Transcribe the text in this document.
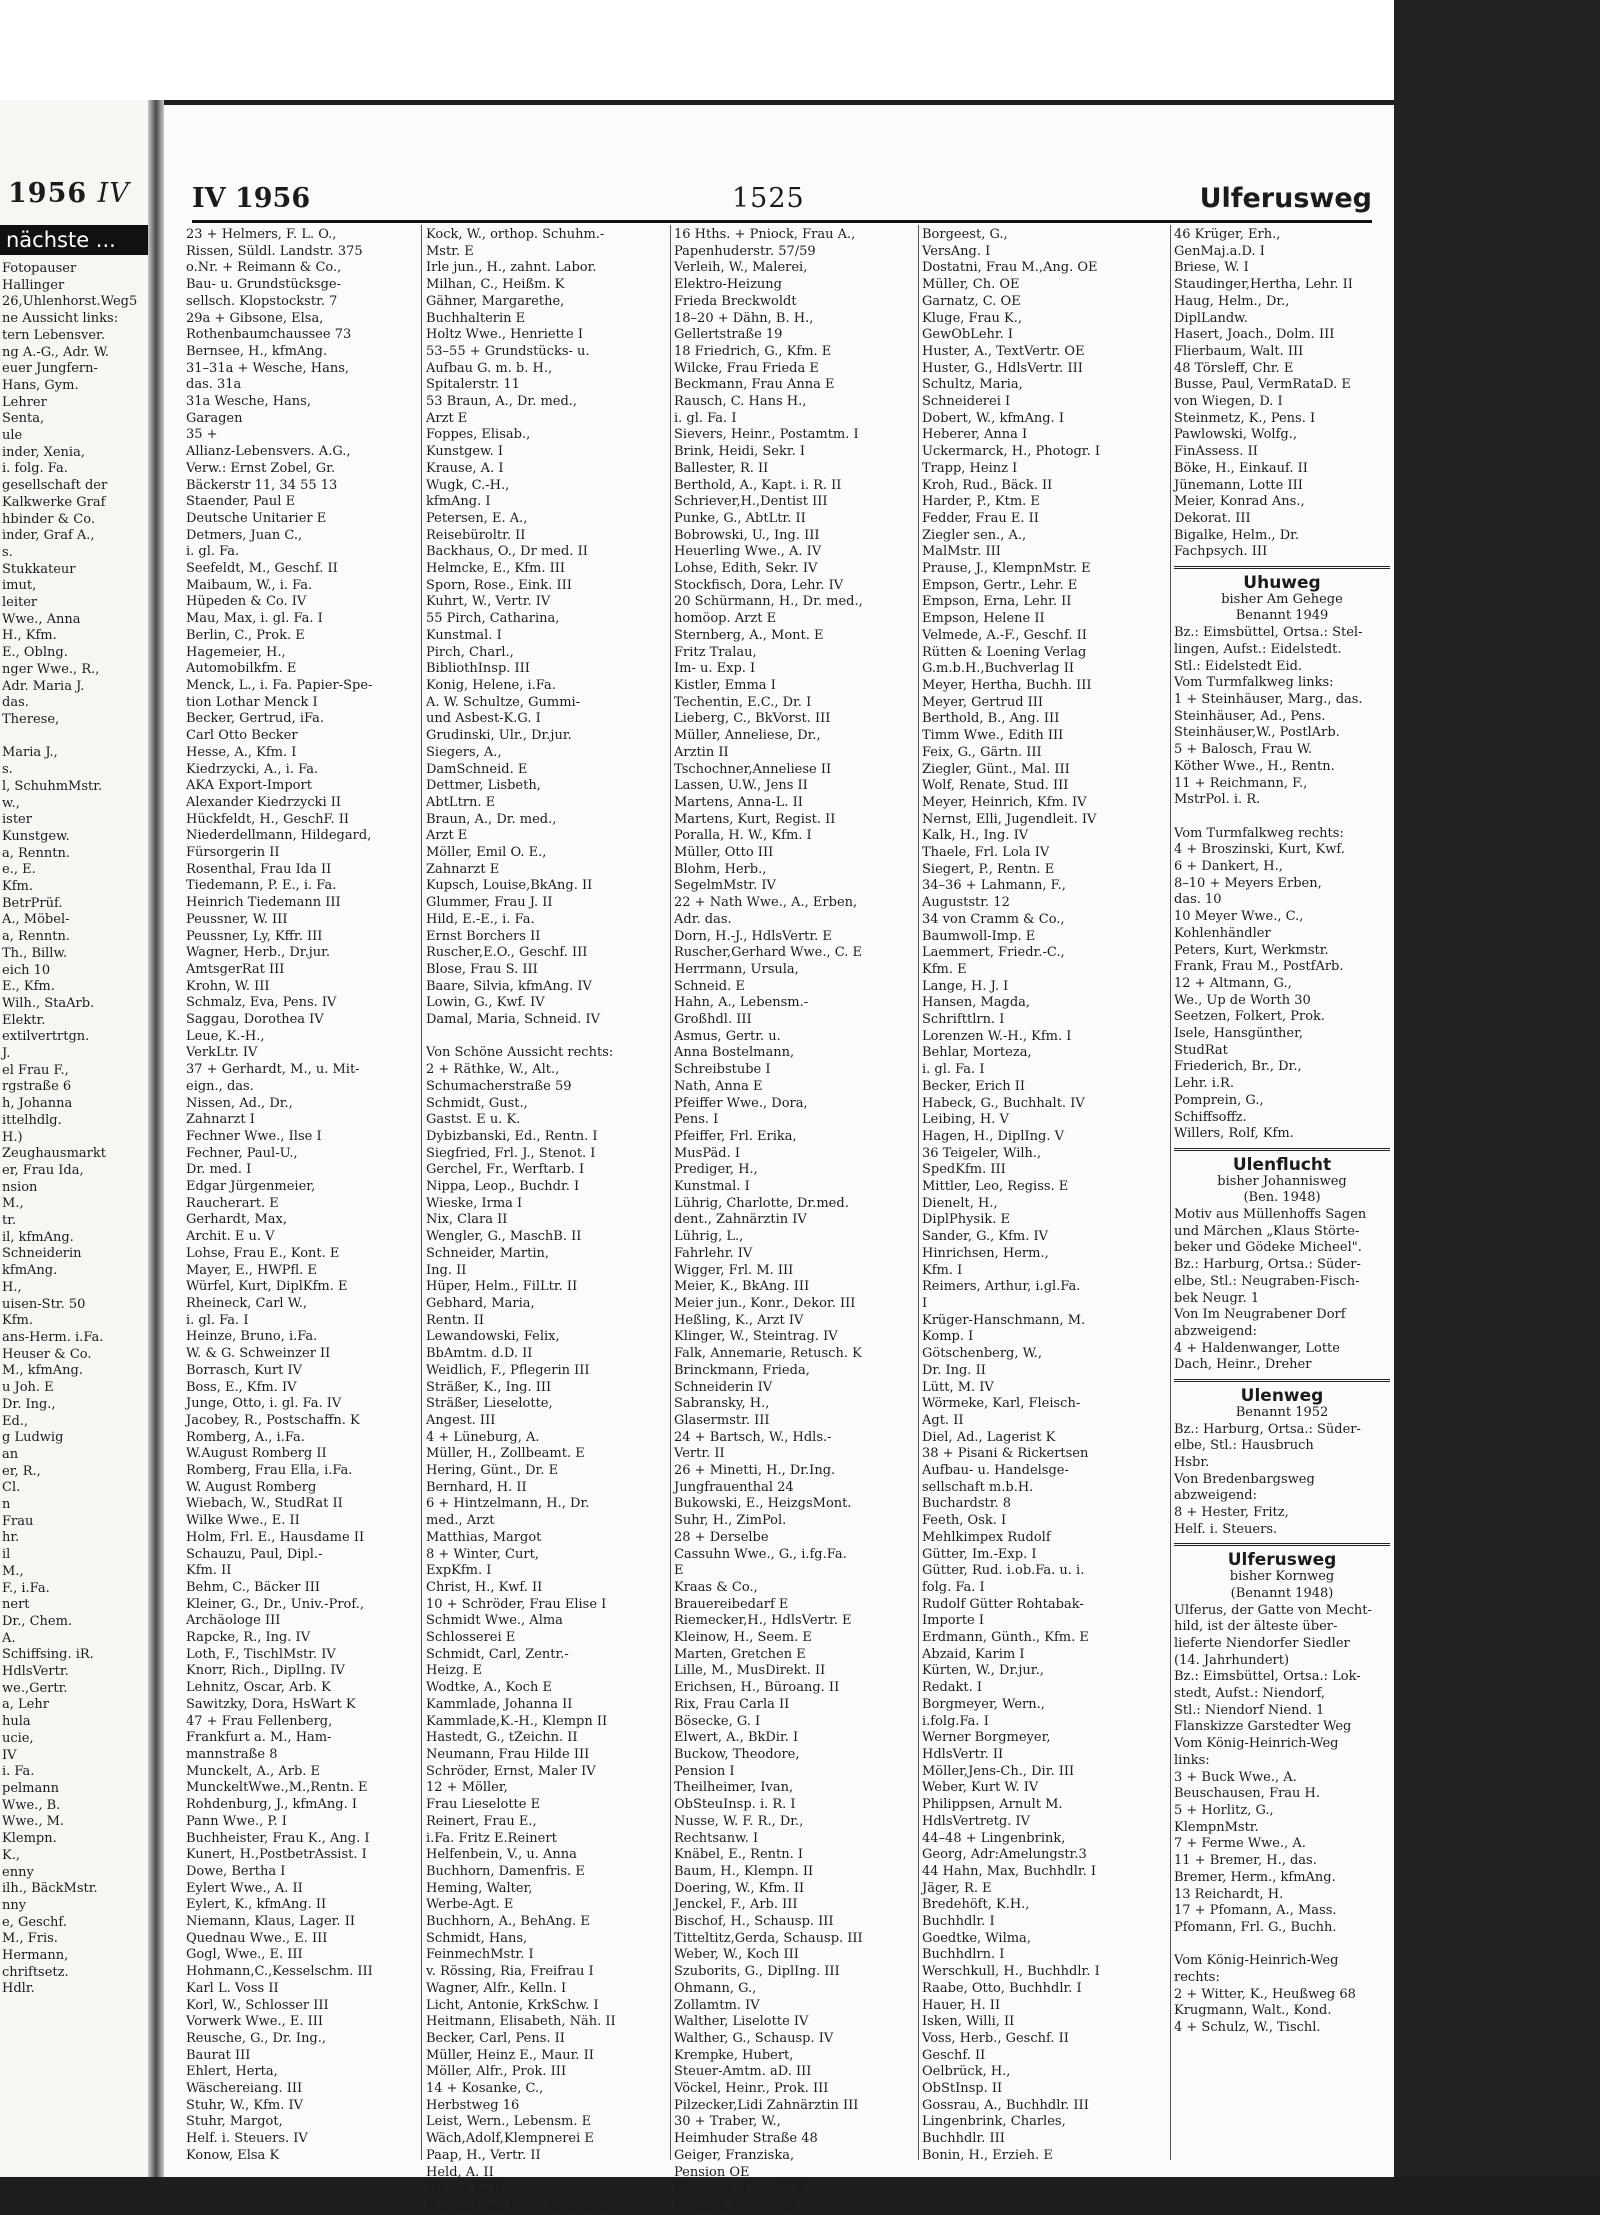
1956 IV
nächste ...
Fotopauser
Hallinger
26,Uhlenhorst.Weg5
ne Aussicht links:
tern Lebensver.
ng A.-G., Adr. W.
euer Jungfern-
Hans, Gym.
Lehrer
Senta,
ule
inder, Xenia,
i. folg. Fa.
gesellschaft der
Kalkwerke Graf
hbinder & Co.
inder, Graf A.,
s.
Stukkateur
imut,
leiter
Wwe., Anna
H., Kfm.
E., Oblng.
nger Wwe., R.,
Adr. Maria J.
das.
Therese,

Maria J.,
s.
l, SchuhmMstr.
w.,
ister
Kunstgew.
a, Renntn.
e., E.
Kfm.
BetrPrüf.
A., Möbel-
a, Renntn.
Th., Billw.
eich 10
E., Kfm.
Wilh., StaArb.
Elektr.
extilvertrtgn.
J.
el Frau F.,
rgstraße 6
h, Johanna
ittelhdlg.
H.)
Zeughausmarkt
er, Frau Ida,
nsion
M.,
tr.
il, kfmAng.
Schneiderin
kfmAng.
H.,
uisen-Str. 50
Kfm.
ans-Herm. i.Fa.
Heuser & Co.
M., kfmAng.
u Joh. E
Dr. Ing.,
Ed.,
g Ludwig
an
er, R.,
Cl.
n
Frau
hr.
il
M.,
F., i.Fa.
nert
Dr., Chem.
A.
Schiffsing. iR.
HdlsVertr.
we.,Gertr.
a, Lehr
hula
ucie,
IV
i. Fa.
pelmann
Wwe., B.
Wwe., M.
Klempn.
K.,
enny
ilh., BäckMstr.
nny
e, Geschf.
M., Fris.
Hermann,
chriftsetz.
Hdlr.
IV 1956	1525	Ulferusweg
23 + Helmers, F. L. O.,
Rissen, Süldl. Landstr. 375
o.Nr. + Reimann & Co.,
Bau- u. Grundstücksge-
sellsch. Klopstockstr. 7
29a + Gibsone, Elsa,
Rothenbaumchaussee 73
Bernsee, H., kfmAng.
31–31a + Wesche, Hans,
das. 31a
31a Wesche, Hans,
Garagen
35 +
Allianz-Lebensvers. A.G.,
Verw.: Ernst Zobel, Gr.
Bäckerstr 11, 34 55 13
Staender, Paul E
Deutsche Unitarier E
Detmers, Juan C.,
i. gl. Fa.
Seefeldt, M., Geschf. II
Maibaum, W., i. Fa.
Hüpeden & Co. IV
Mau, Max, i. gl. Fa. I
Berlin, C., Prok. E
Hagemeier, H.,
Automobilkfm. E
Menck, L., i. Fa. Papier-Spe-
tion Lothar Menck I
Becker, Gertrud, iFa.
Carl Otto Becker
Hesse, A., Kfm. I
Kiedrzycki, A., i. Fa.
AKA Export-Import
Alexander Kiedrzycki II
Hückfeldt, H., GeschF. II
Niederdellmann, Hildegard,
Fürsorgerin II
Rosenthal, Frau Ida II
Tiedemann, P. E., i. Fa.
Heinrich Tiedemann III
Peussner, W. III
Peussner, Ly, Kffr. III
Wagner, Herb., Dr.jur.
AmtsgerRat III
Krohn, W. III
Schmalz, Eva, Pens. IV
Saggau, Dorothea IV
Leue, K.-H.,
VerkLtr. IV
37 + Gerhardt, M., u. Mit-
eign., das.
Nissen, Ad., Dr.,
Zahnarzt I
Fechner Wwe., Ilse I
Fechner, Paul-U.,
Dr. med. I
Edgar Jürgenmeier,
Raucherart. E
Gerhardt, Max,
Archit. E u. V
Lohse, Frau E., Kont. E
Mayer, E., HWPfl. E
Würfel, Kurt, DiplKfm. E
Rheineck, Carl W.,
i. gl. Fa. I
Heinze, Bruno, i.Fa.
W. & G. Schweinzer II
Borrasch, Kurt IV
Boss, E., Kfm. IV
Junge, Otto, i. gl. Fa. IV
Jacobey, R., Postschaffn. K
Romberg, A., i.Fa.
W.August Romberg II
Romberg, Frau Ella, i.Fa.
W. August Romberg
Wiebach, W., StudRat II
Wilke Wwe., E. II
Holm, Frl. E., Hausdame II
Schauzu, Paul, Dipl.-
Kfm. II
Behm, C., Bäcker III
Kleiner, G., Dr., Univ.-Prof.,
Archäologe III
Rapcke, R., Ing. IV
Loth, F., TischlMstr. IV
Knorr, Rich., DiplIng. IV
Lehnitz, Oscar, Arb. K
Sawitzky, Dora, HsWart K
47 + Frau Fellenberg,
Frankfurt a. M., Ham-
mannstraße 8
Munckelt, A., Arb. E
MunckeltWwe.,M.,Rentn. E
Rohdenburg, J., kfmAng. I
Pann Wwe., P. I
Buchheister, Frau K., Ang. I
Kunert, H.,PostbetrAssist. I
Dowe, Bertha I
Eylert Wwe., A. II
Eylert, K., kfmAng. II
Niemann, Klaus, Lager. II
Quednau Wwe., E. III
Gogl, Wwe., E. III
Hohmann,C.,Kesselschm. III
Karl L. Voss II
Korl, W., Schlosser III
Vorwerk Wwe., E. III
Reusche, G., Dr. Ing.,
Baurat III
Ehlert, Herta,
Wäschereiang. III
Stuhr, W., Kfm. IV
Stuhr, Margot,
Helf. i. Steuers. IV
Konow, Elsa K
Kock, W., orthop. Schuhm.-
Mstr. E
Irle jun., H., zahnt. Labor.
Milhan, C., Heißm. K
Gähner, Margarethe,
Buchhalterin E
Holtz Wwe., Henriette I
53–55 + Grundstücks- u.
Aufbau G. m. b. H.,
Spitalerstr. 11
53 Braun, A., Dr. med.,
Arzt E
Foppes, Elisab.,
Kunstgew. I
Krause, A. I
Wugk, C.-H.,
kfmAng. I
Petersen, E. A.,
Reisebüroltr. II
Backhaus, O., Dr med. II
Helmcke, E., Kfm. III
Sporn, Rose., Eink. III
Kuhrt, W., Vertr. IV
55 Pirch, Catharina,
Kunstmal. I
Pirch, Charl.,
BibliothInsp. III
Konig, Helene, i.Fa.
A. W. Schultze, Gummi-
und Asbest-K.G. I
Grudinski, Ulr., Dr.jur.
Siegers, A.,
DamSchneid. E
Dettmer, Lisbeth,
AbtLtrn. E
Braun, A., Dr. med.,
Arzt E
Möller, Emil O. E.,
Zahnarzt E
Kupsch, Louise,BkAng. II
Glummer, Frau J. II
Hild, E.-E., i. Fa.
Ernst Borchers II
Ruscher,E.O., Geschf. III
Blose, Frau S. III
Baare, Silvia, kfmAng. IV
Lowin, G., Kwf. IV
Damal, Maria, Schneid. IV

Von Schöne Aussicht rechts:
2 + Räthke, W., Alt.,
Schumacherstraße 59
Schmidt, Gust.,
Gastst. E u. K.
Dybizbanski, Ed., Rentn. I
Siegfried, Frl. J., Stenot. I
Gerchel, Fr., Werftarb. I
Nippa, Leop., Buchdr. I
Wieske, Irma I
Nix, Clara II
Wengler, G., MaschB. II
Schneider, Martin,
Ing. II
Hüper, Helm., FilLtr. II
Gebhard, Maria,
Rentn. II
Lewandowski, Felix,
BbAmtm. d.D. II
Weidlich, F., Pflegerin III
Sträßer, K., Ing. III
Sträßer, Lieselotte,
Angest. III
4 + Lüneburg, A.
Müller, H., Zollbeamt. E
Hering, Günt., Dr. E
Bernhard, H. II
6 + Hintzelmann, H., Dr.
med., Arzt
Matthias, Margot
8 + Winter, Curt,
ExpKfm. I
Christ, H., Kwf. II
10 + Schröder, Frau Elise I
Schmidt Wwe., Alma
Schlosserei E
Schmidt, Carl, Zentr.-
Heizg. E
Wodtke, A., Koch E
Kammlade, Johanna II
Kammlade,K.-H., Klempn II
Hastedt, G., tZeichn. II
Neumann, Frau Hilde III
Schröder, Ernst, Maler IV
12 + Möller,
Frau Lieselotte E
Reinert, Frau E.,
i.Fa. Fritz E.Reinert
Helfenbein, V., u. Anna
Buchhorn, Damenfris. E
Heming, Walter,
Werbe-Agt. E
Buchhorn, A., BehAng. E
Schmidt, Hans,
FeinmechMstr. I
v. Rössing, Ria, Freifrau I
Wagner, Alfr., Kelln. I
Licht, Antonie, KrkSchw. I
Heitmann, Elisabeth, Näh. II
Becker, Carl, Pens. II
Müller, Heinz E., Maur. II
Möller, Alfr., Prok. III
14 + Kosanke, C.,
Herbstweg 16
Leist, Wern., Lebensm. E
Wäch,Adolf,Klempnerei E
Paap, H., Vertr. II
Held, A. II
Meyer, C. II
Bukup,Frau E., Hotelang. III
16 Hths. + Pniock, Frau A.,
Papenhuderstr. 57/59
Verleih, W., Malerei,
Elektro-Heizung
Frieda Breckwoldt
18–20 + Dähn, B. H.,
Gellertstraße 19
18 Friedrich, G., Kfm. E
Wilcke, Frau Frieda E
Beckmann, Frau Anna E
Rausch, C. Hans H.,
i. gl. Fa. I
Sievers, Heinr., Postamtm. I
Brink, Heidi, Sekr. I
Ballester, R. II
Berthold, A., Kapt. i. R. II
Schriever,H.,Dentist III
Punke, G., AbtLtr. II
Bobrowski, U., Ing. III
Heuerling Wwe., A. IV
Lohse, Edith, Sekr. IV
Stockfisch, Dora, Lehr. IV
20 Schürmann, H., Dr. med.,
homöop. Arzt E
Sternberg, A., Mont. E
Fritz Tralau,
Im- u. Exp. I
Kistler, Emma I
Techentin, E.C., Dr. I
Lieberg, C., BkVorst. III
Müller, Anneliese, Dr.,
Arztin II
Tschochner,Anneliese II
Lassen, U.W., Jens II
Martens, Anna-L. II
Martens, Kurt, Regist. II
Poralla, H. W., Kfm. I
Müller, Otto III
Blohm, Herb.,
SegelmMstr. IV
22 + Nath Wwe., A., Erben,
Adr. das.
Dorn, H.-J., HdlsVertr. E
Ruscher,Gerhard Wwe., C. E
Herrmann, Ursula,
Schneid. E
Hahn, A., Lebensm.-
Großhdl. III
Asmus, Gertr. u.
Anna Bostelmann,
Schreibstube I
Nath, Anna E
Pfeiffer Wwe., Dora,
Pens. I
Pfeiffer, Frl. Erika,
MusPäd. I
Prediger, H.,
Kunstmal. I
Lührig, Charlotte, Dr.med.
dent., Zahnärztin IV
Lührig, L.,
Fahrlehr. IV
Wigger, Frl. M. III
Meier, K., BkAng. III
Meier jun., Konr., Dekor. III
Heßling, K., Arzt IV
Klinger, W., Steintrag. IV
Falk, Annemarie, Retusch. K
Brinckmann, Frieda,
Schneiderin IV
Sabransky, H.,
Glasermstr. III
24 + Bartsch, W., Hdls.-
Vertr. II
26 + Minetti, H., Dr.Ing.
Jungfrauenthal 24
Bukowski, E., HeizgsMont.
Suhr, H., ZimPol.
28 + Derselbe
Cassuhn Wwe., G., i.fg.Fa.
E
Kraas & Co.,
Brauereibedarf E
Riemecker,H., HdlsVertr. E
Kleinow, H., Seem. E
Marten, Gretchen E
Lille, M., MusDirekt. II
Erichsen, H., Büroang. II
Rix, Frau Carla II
Bösecke, G. I
Elwert, A., BkDir. I
Buckow, Theodore,
Pension I
Theilheimer, Ivan,
ObSteuInsp. i. R. I
Nusse, W. F. R., Dr.,
Rechtsanw. I
Knäbel, E., Rentn. I
Baum, H., Klempn. II
Doering, W., Kfm. II
Jenckel, F., Arb. III
Bischof, H., Schausp. III
Titteltitz,Gerda, Schausp. III
Weber, W., Koch III
Szuborits, G., DiplIng. III
Ohmann, G.,
Zollamtm. IV
Walther, Liselotte IV
Walther, G., Schausp. IV
Krempke, Hubert,
Steuer-Amtm. aD. III
Vöckel, Heinr., Prok. III
Pilzecker,Lidi Zahnärztin III
30 + Traber, W.,
Heimhuder Straße 48
Geiger, Franziska,
Pension OE
Bartneck, Frau E. E
Frenzel, St., Assist. E
Borgeest, G.,
VersAng. I
Dostatni, Frau M.,Ang. OE
Müller, Ch. OE
Garnatz, C. OE
Kluge, Frau K.,
GewObLehr. I
Huster, A., TextVertr. OE
Huster, G., HdlsVertr. III
Schultz, Maria,
Schneiderei I
Dobert, W., kfmAng. I
Heberer, Anna I
Uckermarck, H., Photogr. I
Trapp, Heinz I
Kroh, Rud., Bäck. II
Harder, P., Ktm. E
Fedder, Frau E. II
Ziegler sen., A.,
MalMstr. III
Prause, J., KlempnMstr. E
Empson, Gertr., Lehr. E
Empson, Erna, Lehr. II
Empson, Helene II
Velmede, A.-F., Geschf. II
Rütten & Loening Verlag
G.m.b.H.,Buchverlag II
Meyer, Hertha, Buchh. III
Meyer, Gertrud III
Berthold, B., Ang. III
Timm Wwe., Edith III
Feix, G., Gärtn. III
Ziegler, Günt., Mal. III
Wolf, Renate, Stud. III
Meyer, Heinrich, Kfm. IV
Nernst, Elli, Jugendleit. IV
Kalk, H., Ing. IV
Thaele, Frl. Lola IV
Siegert, P., Rentn. E
34–36 + Lahmann, F.,
Auguststr. 12
34 von Cramm & Co.,
Baumwoll-Imp. E
Laemmert, Friedr.-C.,
Kfm. E
Lange, H. J. I
Hansen, Magda,
Schrifttlrn. I
Lorenzen W.-H., Kfm. I
Behlar, Morteza,
i. gl. Fa. I
Becker, Erich II
Habeck, G., Buchhalt. IV
Leibing, H. V
Hagen, H., DiplIng. V
36 Teigeler, Wilh.,
SpedKfm. III
Mittler, Leo, Regiss. E
Dienelt, H.,
DiplPhysik. E
Sander, G., Kfm. IV
Hinrichsen, Herm.,
Kfm. I
Reimers, Arthur, i.gl.Fa.
I
Krüger-Hanschmann, M.
Komp. I
Götschenberg, W.,
Dr. Ing. II
Lütt, M. IV
Wörmeke, Karl, Fleisch-
Agt. II
Diel, Ad., Lagerist K
38 + Pisani & Rickertsen
Aufbau- u. Handelsge-
sellschaft m.b.H.
Buchardstr. 8
Feeth, Osk. I
Mehlkimpex Rudolf
Gütter, Im.-Exp. I
Gütter, Rud. i.ob.Fa. u. i.
folg. Fa. I
Rudolf Gütter Rohtabak-
Importe I
Erdmann, Günth., Kfm. E
Abzaid, Karim I
Kürten, W., Dr.jur.,
Redakt. I
Borgmeyer, Wern.,
i.folg.Fa. I
Werner Borgmeyer,
HdlsVertr. II
Möller,Jens-Ch., Dir. III
Weber, Kurt W. IV
Philippsen, Arnult M.
HdlsVertretg. IV
44–48 + Lingenbrink,
Georg, Adr:Amelungstr.3
44 Hahn, Max, Buchhdlr. I
Jäger, R. E
Bredehöft, K.H.,
Buchhdlr. I
Goedtke, Wilma,
Buchhdlrn. I
Werschkull, H., Buchhdlr. I
Raabe, Otto, Buchhdlr. I
Hauer, H. II
Isken, Willi, II
Voss, Herb., Geschf. II
Geschf. II
Oelbrück, H.,
ObStInsp. II
Gossrau, A., Buchhdlr. III
Lingenbrink, Charles,
Buchhdlr. III
Bonin, H., Erzieh. E
46 Krüger, Erh.,
GenMaj.a.D. I
Briese, W. I
Staudinger,Hertha, Lehr. II
Haug, Helm., Dr.,
DiplLandw.
Hasert, Joach., Dolm. III
Flierbaum, Walt. III
48 Törsleff, Chr. E
Busse, Paul, VermRataD. E
von Wiegen, D. I
Steinmetz, K., Pens. I
Pawlowski, Wolfg.,
FinAssess. II
Böke, H., Einkauf. II
Jünemann, Lotte III
Meier, Konrad Ans.,
Dekorat. III
Bigalke, Helm., Dr.
Fachpsych. III
Uhuweg
bisher Am Gehege
Benannt 1949
Bz.: Eimsbüttel, Ortsa.: Stel-
lingen, Aufst.: Eidelstedt.
Stl.: Eidelstedt Eid.
Vom Turmfalkweg links:
1 + Steinhäuser, Marg., das.
Steinhäuser, Ad., Pens.
Steinhäuser,W., PostlArb.
5 + Balosch, Frau W.
Köther Wwe., H., Rentn.
11 + Reichmann, F.,
MstrPol. i. R.

Vom Turmfalkweg rechts:
4 + Broszinski, Kurt, Kwf.
6 + Dankert, H.,
8–10 + Meyers Erben,
das. 10
10 Meyer Wwe., C.,
Kohlenhändler
Peters, Kurt, Werkmstr.
Frank, Frau M., PostfArb.
12 + Altmann, G.,
We., Up de Worth 30
Seetzen, Folkert, Prok.
Isele, Hansgünther,
StudRat
Friederich, Br., Dr.,
Lehr. i.R.
Pomprein, G.,
Schiffsoffz.
Willers, Rolf, Kfm.
Ulenflucht
bisher Johannisweg
(Ben. 1948)
Motiv aus Müllenhoffs Sagen
und Märchen „Klaus Störte-
beker und Gödeke Micheel".
Bz.: Harburg, Ortsa.: Süder-
elbe, Stl.: Neugraben-Fisch-
bek Neugr. 1
Von Im Neugrabener Dorf
abzweigend:
4 + Haldenwanger, Lotte
Dach, Heinr., Dreher
Ulenweg
Benannt 1952
Bz.: Harburg, Ortsa.: Süder-
elbe, Stl.: Hausbruch
Hsbr.
Von Bredenbargsweg
abzweigend:
8 + Hester, Fritz,
Helf. i. Steuers.
Ulferusweg
bisher Kornweg
(Benannt 1948)
Ulferus, der Gatte von Mecht-
hild, ist der älteste über-
lieferte Niendorfer Siedler
(14. Jahrhundert)
Bz.: Eimsbüttel, Ortsa.: Lok-
stedt, Aufst.: Niendorf,
Stl.: Niendorf Niend. 1
Flanskizze Garstedter Weg
Vom König-Heinrich-Weg
links:
3 + Buck Wwe., A.
Beuschausen, Frau H.
5 + Horlitz, G.,
KlempnMstr.
7 + Ferme Wwe., A.
11 + Bremer, H., das.
Bremer, Herm., kfmAng.
13 Reichardt, H.
17 + Pfomann, A., Mass.
Pfomann, Frl. G., Buchh.

Vom König-Heinrich-Weg
rechts:
2 + Witter, K., Heußweg 68
Krugmann, Walt., Kond.
4 + Schulz, W., Tischl.
